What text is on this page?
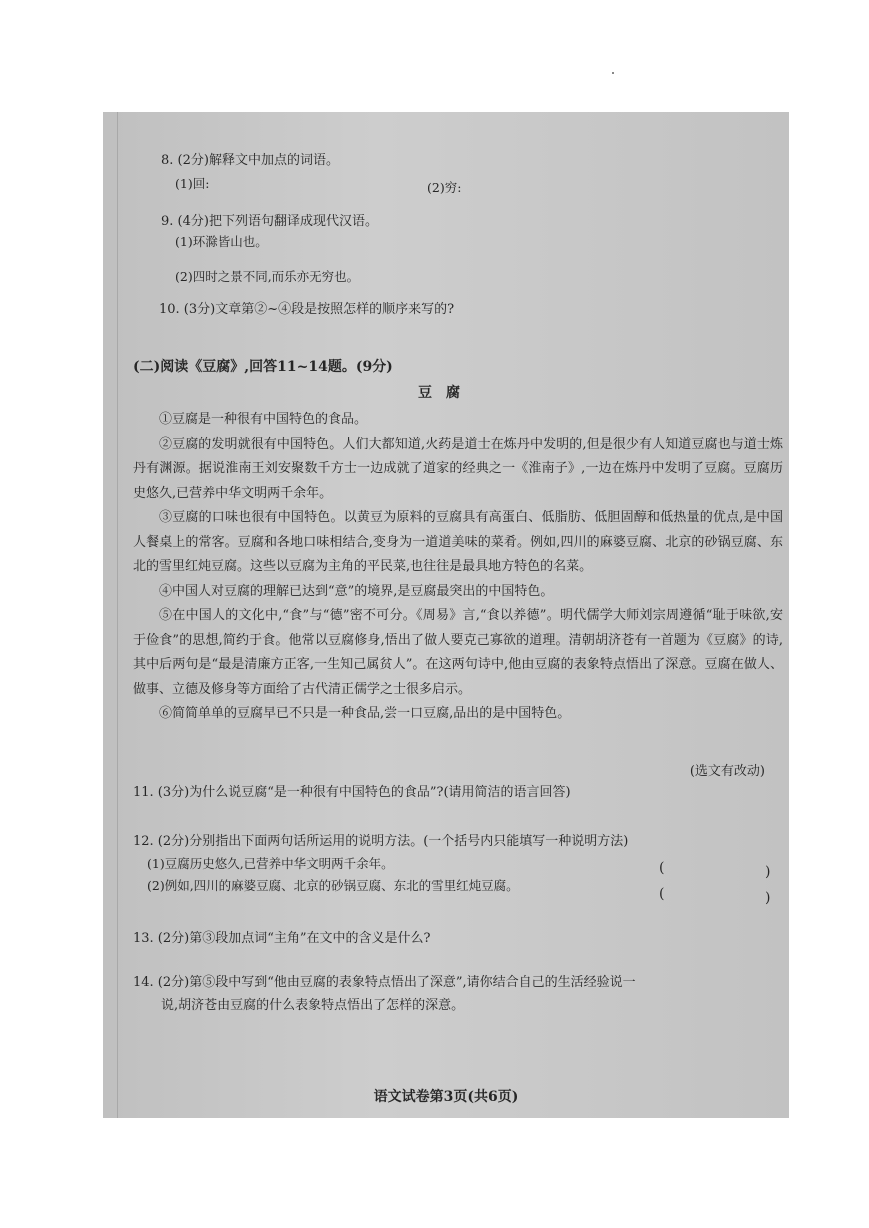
8. (2分)解释文中加点的词语。
(1)回:	(2)穷:
9. (4分)把下列语句翻译成现代汉语。
(1)环滁皆山也。
(2)四时之景不同,而乐亦无穷也。
10. (3分)文章第②~④段是按照怎样的顺序来写的?
(二)阅读《豆腐》,回答11~14题。(9分)
豆腐

①豆腐是一种很有中国特色的食品。

②豆腐的发明就很有中国特色。人们大都知道,火药是道士在炼丹中发明的,但是很少有人知道豆腐也与道士炼丹有渊源。据说淮南王刘安聚数千方士一边成就了道家的经典之一《淮南子》,一边在炼丹中发明了豆腐。豆腐历史悠久,已营养中华文明两千余年。

③豆腐的口味也很有中国特色。以黄豆为原料的豆腐具有高蛋白、低脂肪、低胆固醇和低热量的优点,是中国人餐桌上的常客。豆腐和各地口味相结合,变身为一道道美味的菜肴。例如,四川的麻婆豆腐、北京的砂锅豆腐、东北的雪里红炖豆腐。这些以豆腐为主角的平民菜,也往往是最具地方特色的名菜。

④中国人对豆腐的理解已达到“意”的境界,是豆腐最突出的中国特色。

⑤在中国人的文化中,“食”与“德”密不可分。《周易》言,“食以养德”。明代儒学大师刘宗周遵循“耻于味欲,安于俭食”的思想,简约于食。他常以豆腐修身,悟出了做人要克己寡欲的道理。清朝胡济苍有一首题为《豆腐》的诗,其中后两句是“最是清廉方正客,一生知己属贫人”。在这两句诗中,他由豆腐的表象特点悟出了深意。豆腐在做人、做事、立德及修身等方面给了古代清正儒学之士很多启示。

⑥简简单单的豆腐早已不只是一种食品,尝一口豆腐,品出的是中国特色。

(选文有改动)
11. (3分)为什么说豆腐“是一种很有中国特色的食品”?(请用简洁的语言回答)
12. (2分)分别指出下面两句话所运用的说明方法。(一个括号内只能填写一种说明方法)
(1)豆腐历史悠久,已营养中华文明两千余年。
(2)例如,四川的麻婆豆腐、北京的砂锅豆腐、东北的雪里红炖豆腐。
(	)
(	)
13. (2分)第③段加点词“主角”在文中的含义是什么?
14. (2分)第⑤段中写到“他由豆腐的表象特点悟出了深意”,请你结合自己的生活经验说一
说,胡济苍由豆腐的什么表象特点悟出了怎样的深意。
语文试卷第3页(共6页)
